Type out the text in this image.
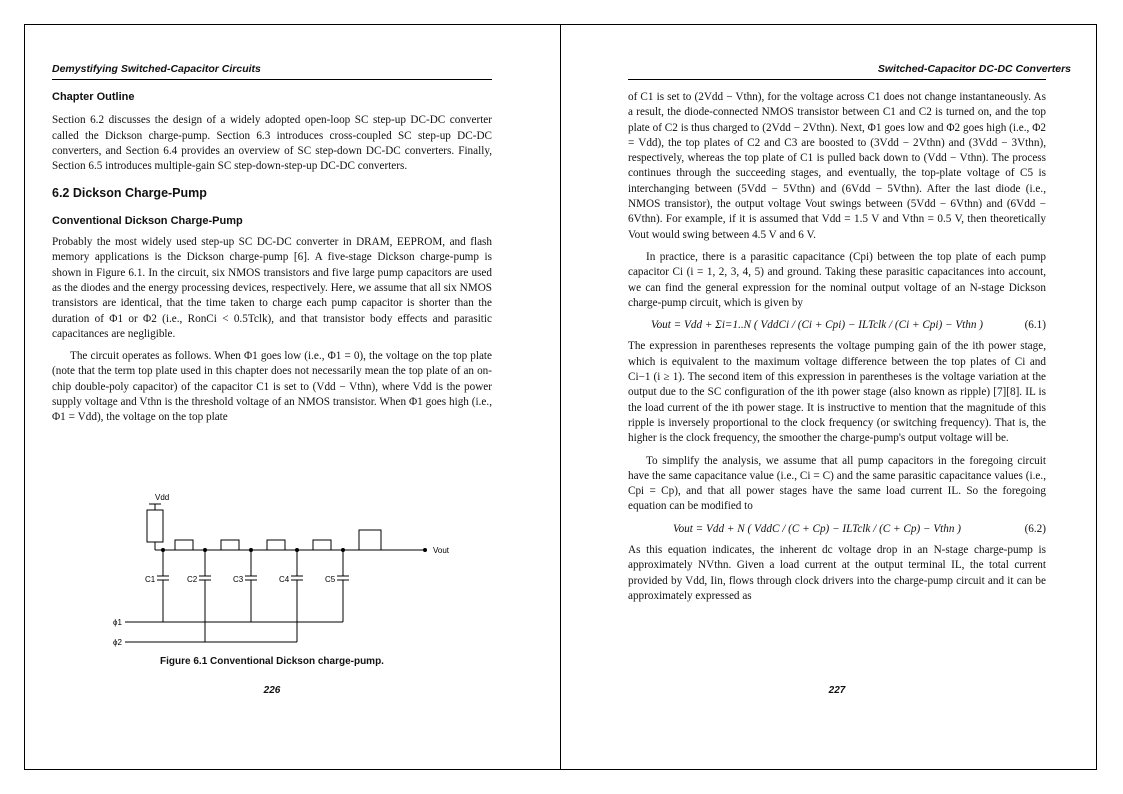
Demystifying Switched-Capacitor Circuits
Chapter Outline

Section 6.2 discusses the design of a widely adopted open-loop SC step-up DC-DC converter called the Dickson charge-pump. Section 6.3 introduces cross-coupled SC step-up DC-DC converters, and Section 6.4 provides an overview of SC step-down DC-DC converters. Finally, Section 6.5 introduces multiple-gain SC step-down-step-up DC-DC converters.

6.2 Dickson Charge-Pump
Conventional Dickson Charge-Pump

Probably the most widely used step-up SC DC-DC converter in DRAM, EEPROM, and flash memory applications is the Dickson charge-pump [6]. A five-stage Dickson charge-pump is shown in Figure 6.1. In the circuit, six NMOS transistors and five large pump capacitors are used as the diodes and the energy processing devices, respectively. Here, we assume that all six NMOS transistors are identical, that the time taken to charge each pump capacitor is shorter than the duration of Φ1 or Φ2 (i.e., RonCi < 0.5Tclk), and that transistor body effects and parasitic capacitances are negligible.

The circuit operates as follows. When Φ1 goes low (i.e., Φ1 = 0), the voltage on the top plate (note that the term top plate used in this chapter does not necessarily mean the top plate of an on-chip double-poly capacitor) of the capacitor C1 is set to (Vdd − Vthn), where Vdd is the power supply voltage and Vthn is the threshold voltage of an NMOS transistor. When Φ1 goes high (i.e., Φ1 = Vdd), the voltage on the top plate

Vdd
Vout
C1	C2	C3	C4	C5
ϕ1
ϕ2
Figure 6.1 Conventional Dickson charge-pump.
226
Switched-Capacitor DC-DC Converters

of C1 is set to (2Vdd − Vthn), for the voltage across C1 does not change instantaneously. As a result, the diode-connected NMOS transistor between C1 and C2 is turned on, and the top plate of C2 is thus charged to (2Vdd − 2Vthn). Next, Φ1 goes low and Φ2 goes high (i.e., Φ2 = Vdd), the top plates of C2 and C3 are boosted to (3Vdd − 2Vthn) and (3Vdd − 3Vthn), respectively, whereas the top plate of C1 is pulled back down to (Vdd − Vthn). The process continues through the succeeding stages, and eventually, the top-plate voltage of C5 is interchanging between (5Vdd − 5Vthn) and (6Vdd − 5Vthn). After the last diode (i.e., NMOS transistor), the output voltage Vout swings between (5Vdd − 6Vthn) and (6Vdd − 6Vthn). For example, if it is assumed that Vdd = 1.5 V and Vthn = 0.5 V, then theoretically Vout would swing between 4.5 V and 6 V.

In practice, there is a parasitic capacitance (Cpi) between the top plate of each pump capacitor Ci (i = 1, 2, 3, 4, 5) and ground. Taking these parasitic capacitances into account, we can find the general expression for the nominal output voltage of an N-stage Dickson charge-pump circuit, which is given by

Vout = Vdd + Σi=1..N ( VddCi / (Ci + Cpi) − ILTclk / (Ci + Cpi) − Vthn )	(6.1)

The expression in parentheses represents the voltage pumping gain of the ith power stage, which is equivalent to the maximum voltage difference between the top plates of Ci and Ci−1 (i ≥ 1). The second item of this expression in parentheses is the voltage variation at the output due to the SC configuration of the ith power stage (also known as ripple) [7][8]. IL is the load current of the ith power stage. It is instructive to mention that the magnitude of this ripple is inversely proportional to the clock frequency (or switching frequency). That is, the higher is the clock frequency, the smoother the charge-pump's output voltage will be.

To simplify the analysis, we assume that all pump capacitors in the foregoing circuit have the same capacitance value (i.e., Ci = C) and the same parasitic capacitance values (i.e., Cpi = Cp), and that all power stages have the same load current IL. So the foregoing equation can be modified to

Vout = Vdd + N ( VddC / (C + Cp) − ILTclk / (C + Cp) − Vthn )	(6.2)

As this equation indicates, the inherent dc voltage drop in an N-stage charge-pump is approximately NVthn. Given a load current at the output terminal IL, the total current provided by Vdd, Iin, flows through clock drivers into the charge-pump circuit and it can be approximately expressed as

227
